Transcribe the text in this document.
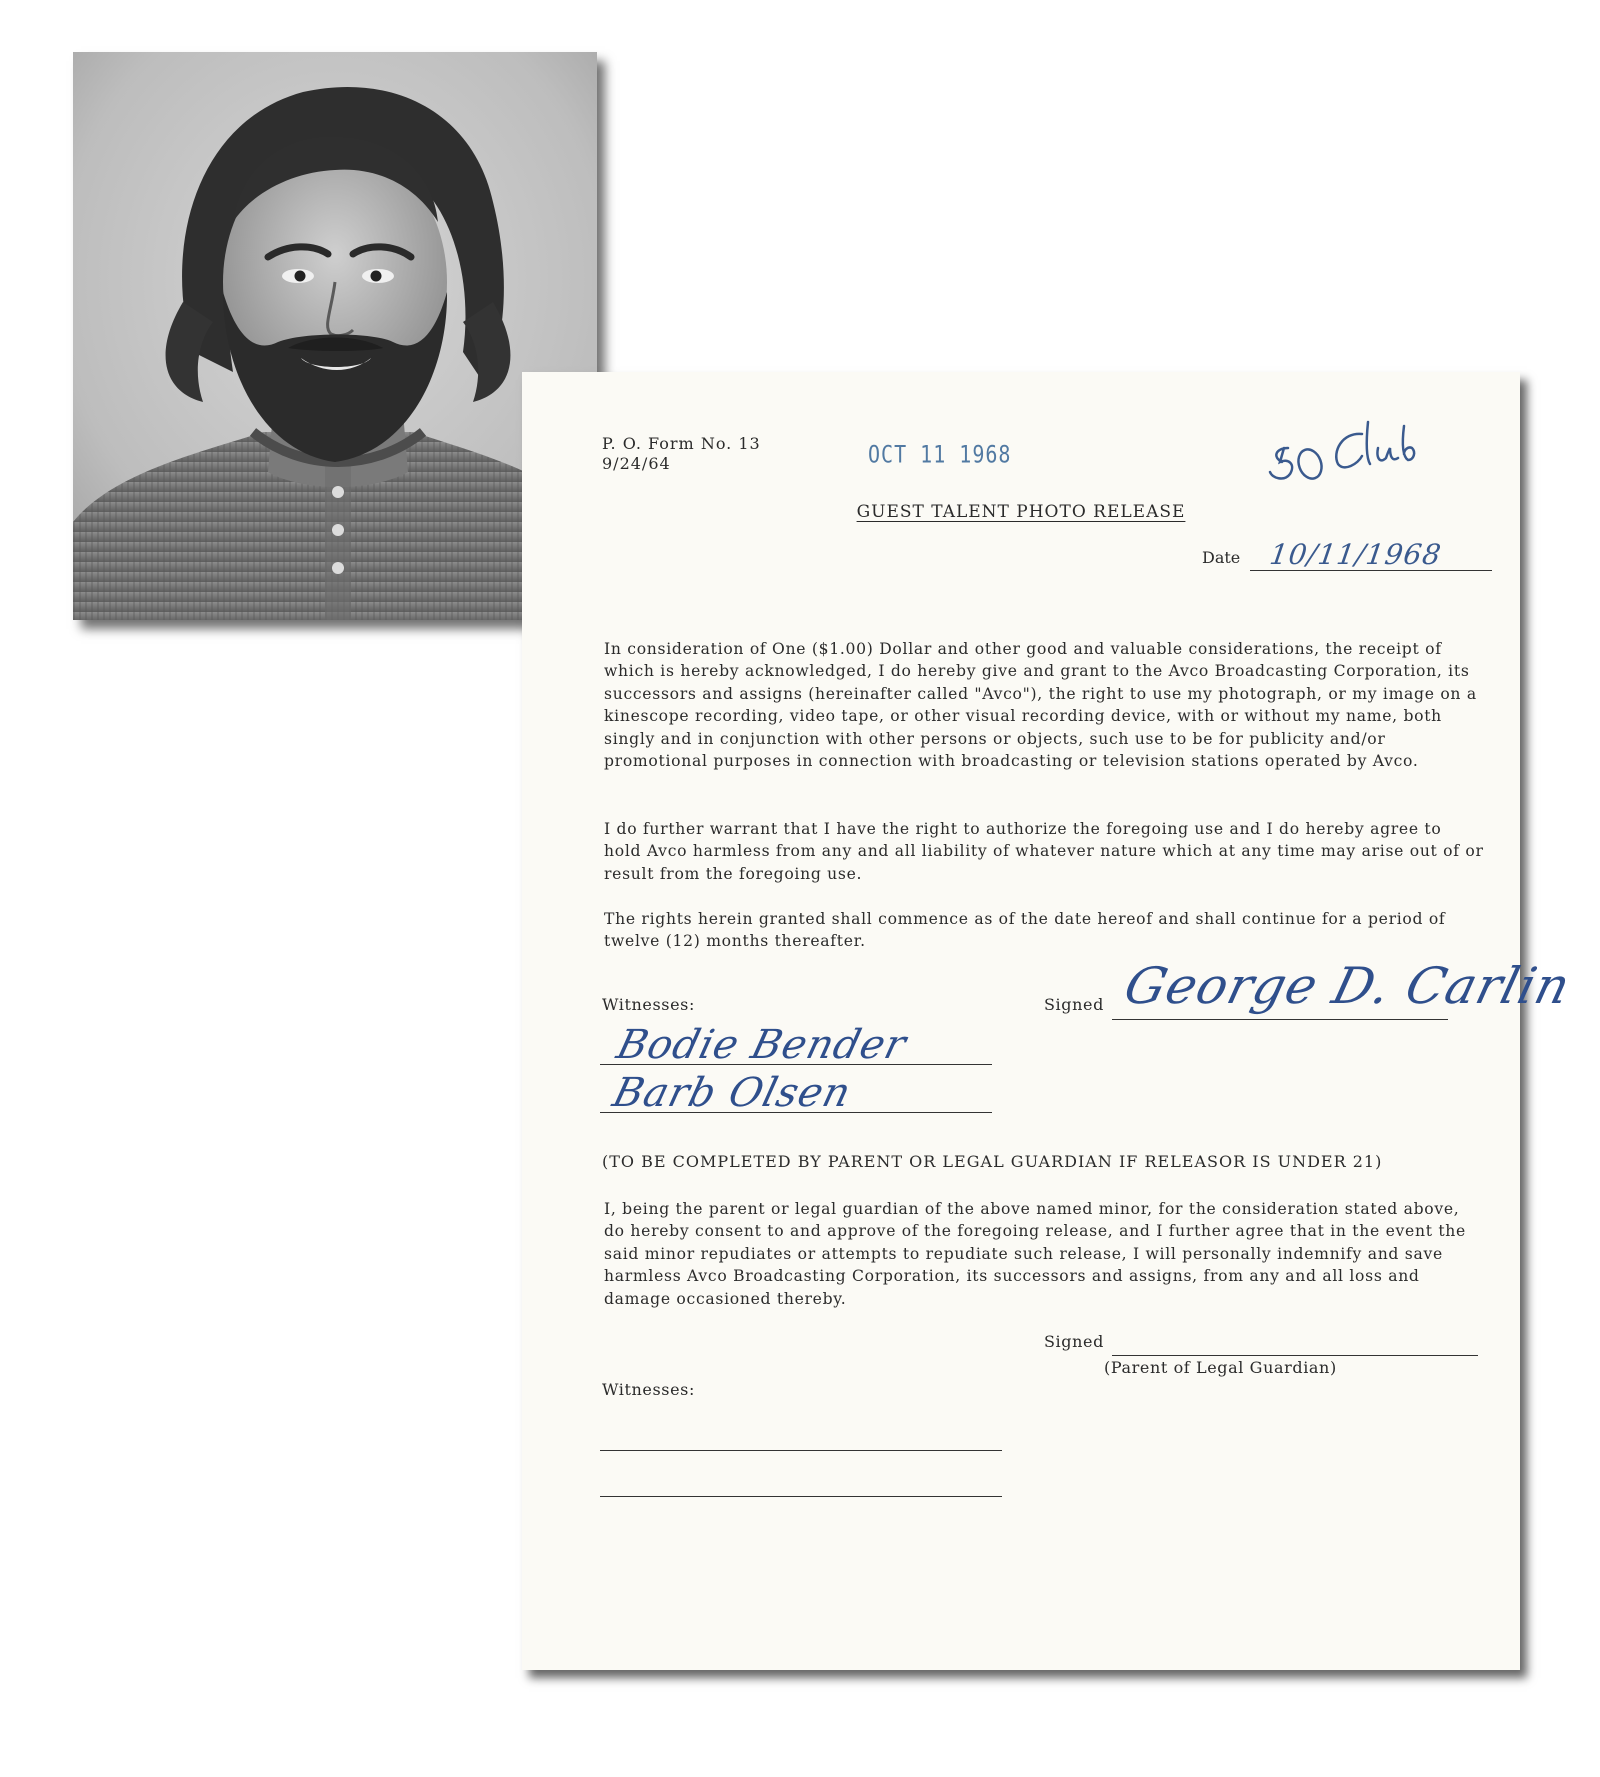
P. O. Form No. 13
9/24/64	OCT 11 1968
GUEST TALENT PHOTO RELEASE
Date 10/11/1968

In consideration of One ($1.00) Dollar and other good and valuable considerations, the receipt of which is hereby acknowledged, I do hereby give and grant to the Avco Broadcasting Corporation, its successors and assigns (hereinafter called "Avco"), the right to use my photograph, or my image on a kinescope recording, video tape, or other visual recording device, with or without my name, both singly and in conjunction with other persons or objects, such use to be for publicity and/or promotional purposes in connection with broadcasting or television stations operated by Avco.

I do further warrant that I have the right to authorize the foregoing use and I do hereby agree to hold Avco harmless from any and all liability of whatever nature which at any time may arise out of or result from the foregoing use.

The rights herein granted shall commence as of the date hereof and shall continue for a period of twelve (12) months thereafter.

Witnesses:	Signed George D. Carlin
Bodie Bender
Barb Olsen

(TO BE COMPLETED BY PARENT OR LEGAL GUARDIAN IF RELEASOR IS UNDER 21)

I, being the parent or legal guardian of the above named minor, for the consideration stated above, do hereby consent to and approve of the foregoing release, and I further agree that in the event the said minor repudiates or attempts to repudiate such release, I will personally indemnify and save harmless Avco Broadcasting Corporation, its successors and assigns, from any and all loss and damage occasioned thereby.

Signed
(Parent of Legal Guardian)
Witnesses:
